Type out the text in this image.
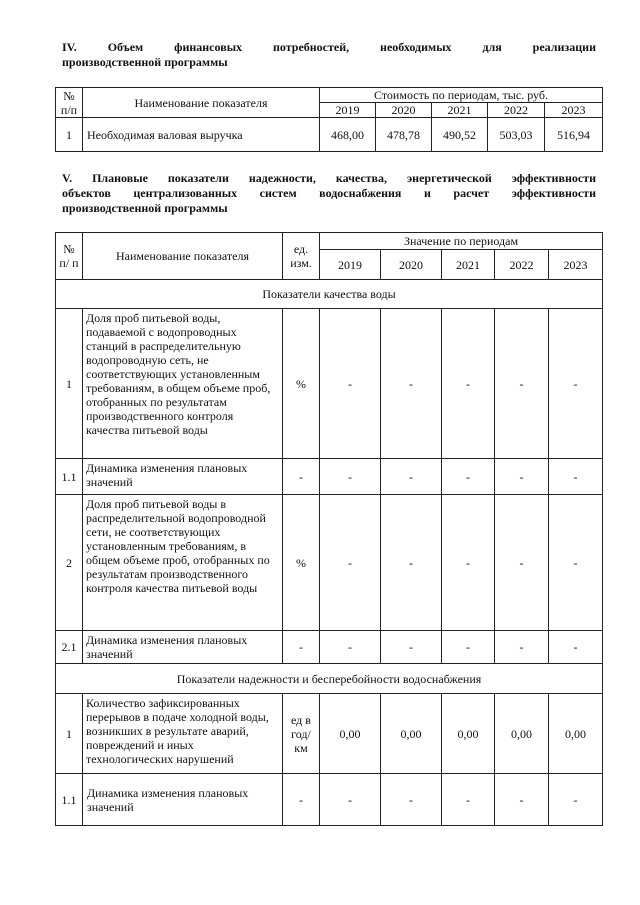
IV. Объем финансовых потребностей, необходимых для реализации
производственной программы
№ п/п	Наименование показателя	Стоимость по периодам, тыс. руб.				
		2019	2020	2021	2022	2023
1	Необходимая валовая выручка	468,00	478,78	490,52	503,03	516,94
V. Плановые показатели надежности, качества, энергетической эффективности
объектов централизованных систем водоснабжения и расчет эффективности
производственной программы
№ п/ п	Наименование показателя	ед. изм.	Значение по периодам				
			2019	2020	2021	2022	2023
Показатели качества воды							
1	Доля проб питьевой воды, подаваемой с водопроводных станций в распределительную водопроводную сеть, не соответствующих установленным требованиям, в общем объеме проб, отобранных по результатам производственного контроля качества питьевой воды	%	-	-	-	-	-
1.1	Динамика изменения плановых значений	-	-	-	-	-	-
2	Доля проб питьевой воды в распределительной водопроводной сети, не соответствующих установленным требованиям, в общем объеме проб, отобранных по результатам производственного контроля качества питьевой воды	%	-	-	-	-	-
2.1	Динамика изменения плановых значений	-	-	-	-	-	-
Показатели надежности и бесперебойности водоснабжения							
1	Количество зафиксированных перерывов в подаче холодной воды, возникших в результате аварий, повреждений и иных технологических нарушений	ед в год/ км	0,00	0,00	0,00	0,00	0,00
1.1	Динамика изменения плановых значений	-	-	-	-	-	-
